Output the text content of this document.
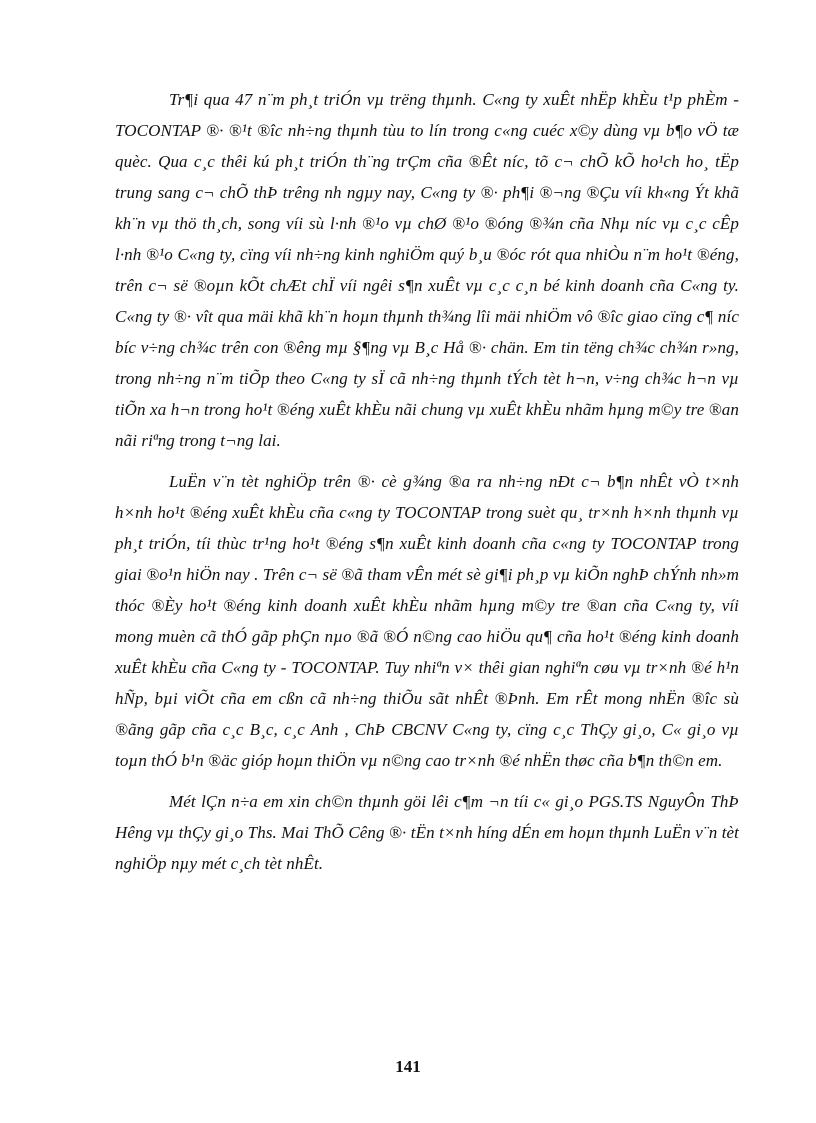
Tr¶i qua 47 n¨m ph¸t triÓn vµ trëng thµnh. C«ng ty xuÊt nhËp khÈu t¹p phÈm - TOCONTAP ®· ®¹t ®îc nh÷ng thµnh tùu to lín trong c«ng cuéc x©y dùng vµ b¶o vÖ tæ quèc. Qua c¸c thêi kú ph¸t triÓn th¨ng trÇm cña ®Êt níc, tõ c¬ chÕ kÕ ho¹ch ho¸ tËp trung sang c¬ chÕ thÞ trêng nh ngµy nay, C«ng ty ®· ph¶i ®¬ng ®Çu víi kh«ng Ýt khã kh¨n vµ thö th¸ch, song víi sù l·nh ®¹o vµ chØ ®¹o ®óng ®¾n cña Nhµ níc vµ c¸c cÊp l·nh ®¹o C«ng ty, cïng víi nh÷ng kinh nghiÖm quý b¸u ®óc rót qua nhiÒu n¨m ho¹t ®éng, trên c¬ së ®oµn kÕt chÆt chÏ víi ngêi s¶n xuÊt vµ c¸c c¸n bé kinh doanh cña C«ng ty. C«ng ty ®· vît qua mäi khã kh¨n hoµn thµnh th¾ng lîi mäi nhiÖm vô ®îc giao cïng c¶ níc bíc v÷ng ch¾c trên con ®êng mµ §¶ng vµ B¸c Hå ®· chän. Em tin tëng ch¾c ch¾n r»ng, trong nh÷ng n¨m tiÕp theo C«ng ty sÏ cã nh÷ng thµnh tÝch tèt h¬n, v÷ng ch¾c h¬n vµ tiÕn xa h¬n trong ho¹t ®éng xuÊt khÈu nãi chung vµ xuÊt khÈu nhãm hµng m©y tre ®an nãi riªng trong t¬ng lai.

LuËn v¨n tèt nghiÖp trên ®· cè g¾ng ®a ra nh÷ng nÐt c¬ b¶n nhÊt vÒ t×nh h×nh ho¹t ®éng xuÊt khÈu cña c«ng ty TOCONTAP trong suèt qu¸ tr×nh h×nh thµnh vµ ph¸t triÓn, tíi thùc tr¹ng ho¹t ®éng s¶n xuÊt kinh doanh cña c«ng ty TOCONTAP trong giai ®o¹n hiÖn nay . Trên c¬ së ®ã tham vÊn mét sè gi¶i ph¸p vµ kiÕn nghÞ chÝnh nh»m thóc ®Èy ho¹t ®éng kinh doanh xuÊt khÈu nhãm hµng m©y tre ®an cña C«ng ty, víi mong muèn cã thÓ gãp phÇn nµo ®ã ®Ó n©ng cao hiÖu qu¶ cña ho¹t ®éng kinh doanh xuÊt khÈu cña C«ng ty - TOCONTAP. Tuy nhiªn v× thêi gian nghiªn cøu vµ tr×nh ®é h¹n hÑp, bµi viÕt cña em cßn cã nh÷ng thiÕu sãt nhÊt ®Þnh. Em rÊt mong nhËn ®îc sù ®ãng gãp cña c¸c B¸c, c¸c Anh , ChÞ CBCNV C«ng ty, cïng c¸c ThÇy gi¸o, C« gi¸o vµ toµn thÓ b¹n ®äc gióp hoµn thiÖn vµ n©ng cao tr×nh ®é nhËn thøc cña b¶n th©n em.

Mét lÇn n÷a em xin ch©n thµnh göi lêi c¶m ¬n tíi c« gi¸o PGS.TS NguyÔn ThÞ Hêng vµ thÇy gi¸o Ths. Mai ThÕ Cêng ®· tËn t×nh híng dÉn em hoµn thµnh LuËn v¨n tèt nghiÖp nµy mét c¸ch tèt nhÊt.

141
